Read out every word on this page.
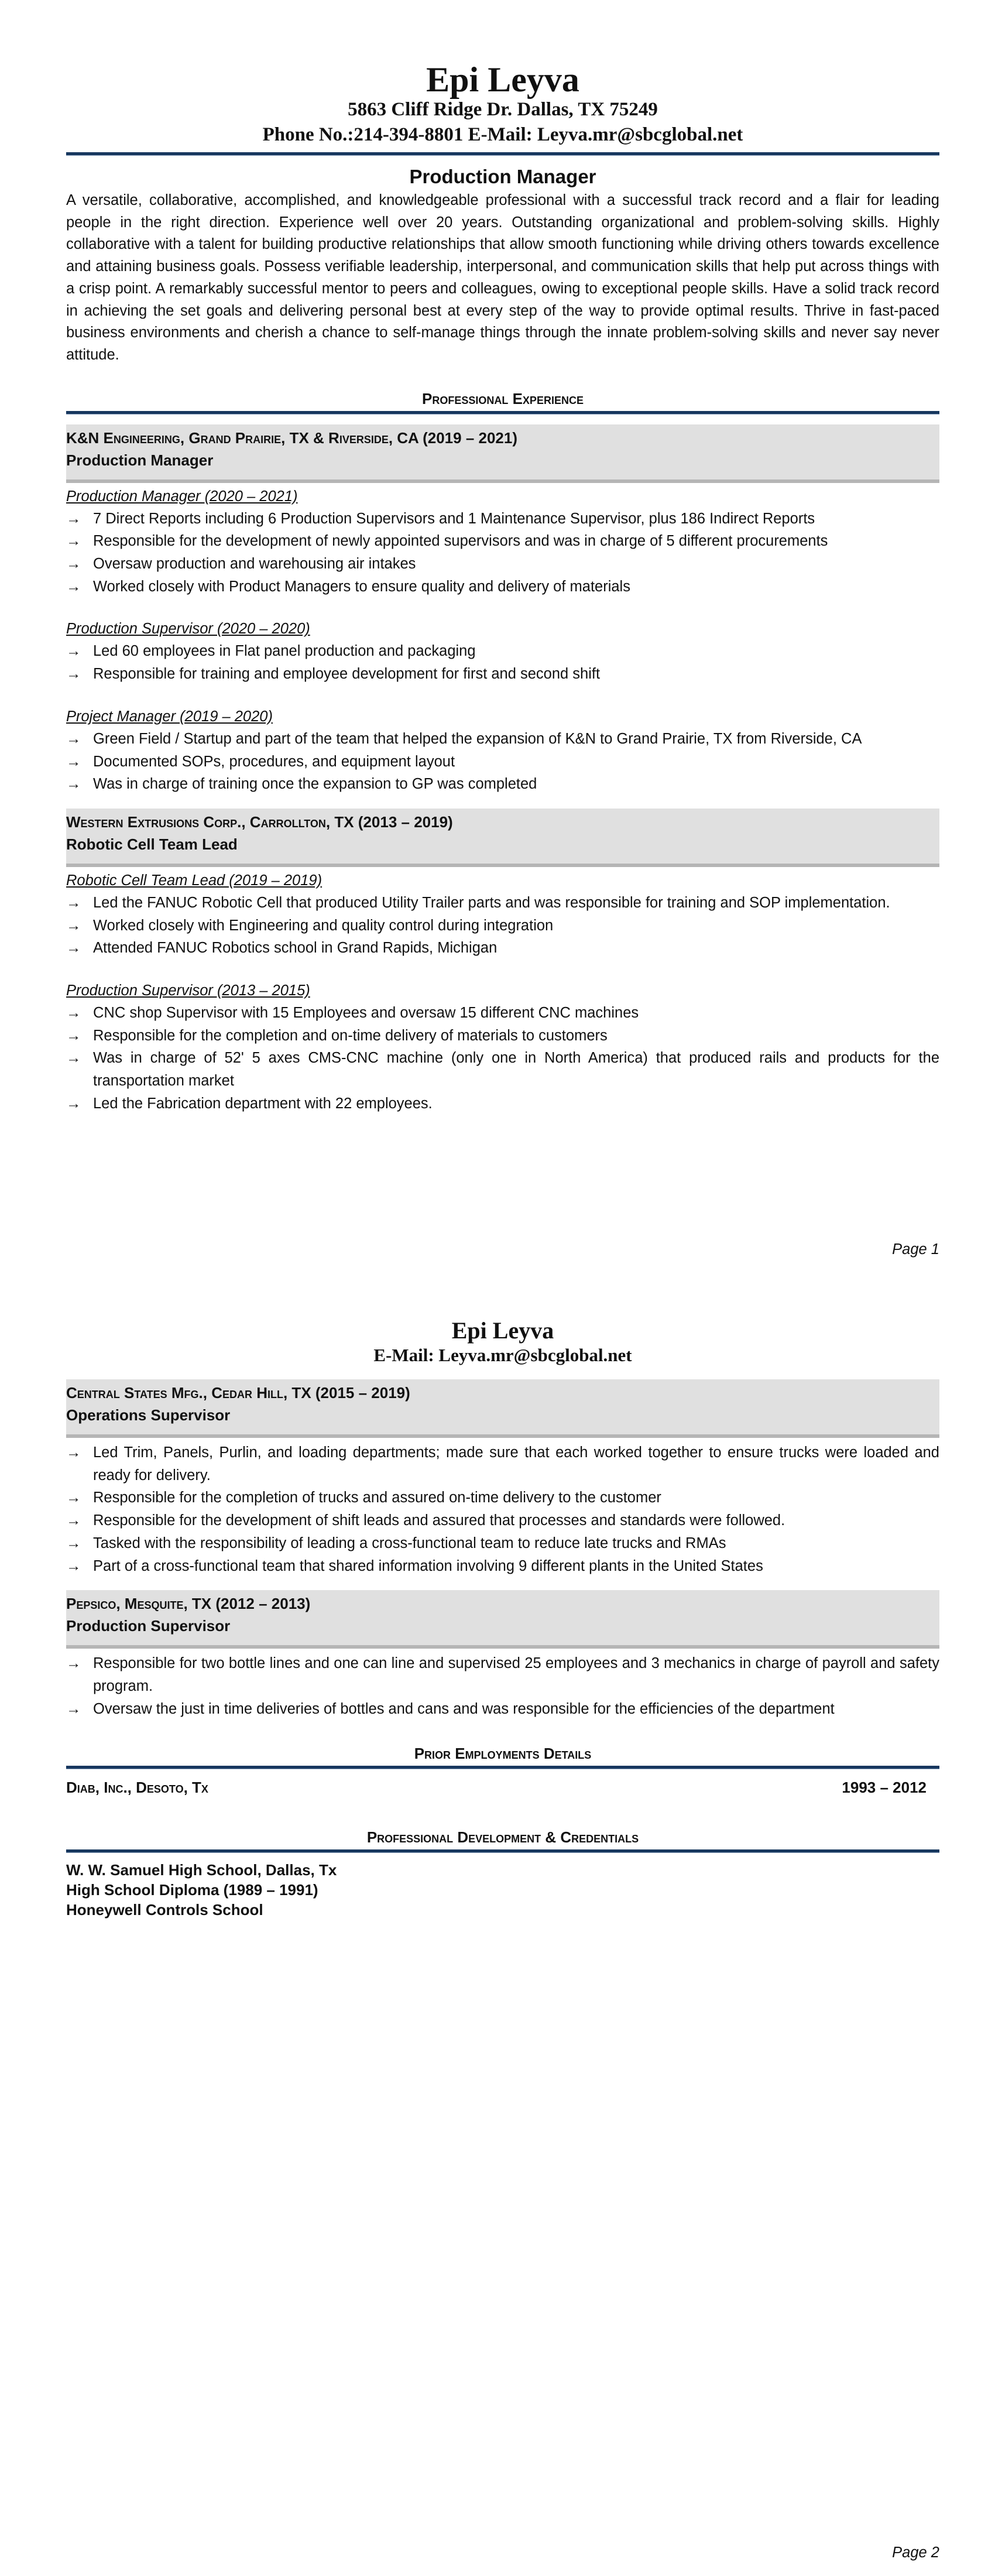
Epi Leyva
5863 Cliff Ridge Dr. Dallas, TX 75249
Phone No.:214-394-8801 E-Mail: Leyva.mr@sbcglobal.net
Production Manager
A versatile, collaborative, accomplished, and knowledgeable professional with a successful track record and a flair for leading people in the right direction. Experience well over 20 years. Outstanding organizational and problem-solving skills. Highly collaborative with a talent for building productive relationships that allow smooth functioning while driving others towards excellence and attaining business goals. Possess verifiable leadership, interpersonal, and communication skills that help put across things with a crisp point. A remarkably successful mentor to peers and colleagues, owing to exceptional people skills. Have a solid track record in achieving the set goals and delivering personal best at every step of the way to provide optimal results. Thrive in fast-paced business environments and cherish a chance to self-manage things through the innate problem-solving skills and never say never attitude.
Professional Experience
K&N Engineering, Grand Prairie, TX & Riverside, CA (2019 – 2021)
Production Manager
Production Manager (2020 – 2021)
→ 7 Direct Reports including 6 Production Supervisors and 1 Maintenance Supervisor, plus 186 Indirect Reports
→ Responsible for the development of newly appointed supervisors and was in charge of 5 different procurements
→ Oversaw production and warehousing air intakes
→ Worked closely with Product Managers to ensure quality and delivery of materials
Production Supervisor (2020 – 2020)
→ Led 60 employees in Flat panel production and packaging
→ Responsible for training and employee development for first and second shift
Project Manager (2019 – 2020)
→ Green Field / Startup and part of the team that helped the expansion of K&N to Grand Prairie, TX from Riverside, CA
→ Documented SOPs, procedures, and equipment layout
→ Was in charge of training once the expansion to GP was completed
Western Extrusions Corp., Carrollton, TX (2013 – 2019)
Robotic Cell Team Lead
Robotic Cell Team Lead (2019 – 2019)
→ Led the FANUC Robotic Cell that produced Utility Trailer parts and was responsible for training and SOP implementation.
→ Worked closely with Engineering and quality control during integration
→ Attended FANUC Robotics school in Grand Rapids, Michigan
Production Supervisor (2013 – 2015)
→ CNC shop Supervisor with 15 Employees and oversaw 15 different CNC machines
→ Responsible for the completion and on-time delivery of materials to customers
→ Was in charge of 52' 5 axes CMS-CNC machine (only one in North America) that produced rails and products for the transportation market
→ Led the Fabrication department with 22 employees.
Page 1
Epi Leyva
E-Mail: Leyva.mr@sbcglobal.net
Central States Mfg., Cedar Hill, TX (2015 – 2019)
Operations Supervisor
→ Led Trim, Panels, Purlin, and loading departments; made sure that each worked together to ensure trucks were loaded and ready for delivery.
→ Responsible for the completion of trucks and assured on-time delivery to the customer
→ Responsible for the development of shift leads and assured that processes and standards were followed.
→ Tasked with the responsibility of leading a cross-functional team to reduce late trucks and RMAs
→ Part of a cross-functional team that shared information involving 9 different plants in the United States
Pepsico, Mesquite, TX (2012 – 2013)
Production Supervisor
→ Responsible for two bottle lines and one can line and supervised 25 employees and 3 mechanics in charge of payroll and safety program.
→ Oversaw the just in time deliveries of bottles and cans and was responsible for the efficiencies of the department
Prior Employments Details
Diab, Inc., Desoto, Tx	1993 – 2012
Professional Development & Credentials
W. W. Samuel High School, Dallas, Tx
High School Diploma (1989 – 1991)
Honeywell Controls School
Page 2
